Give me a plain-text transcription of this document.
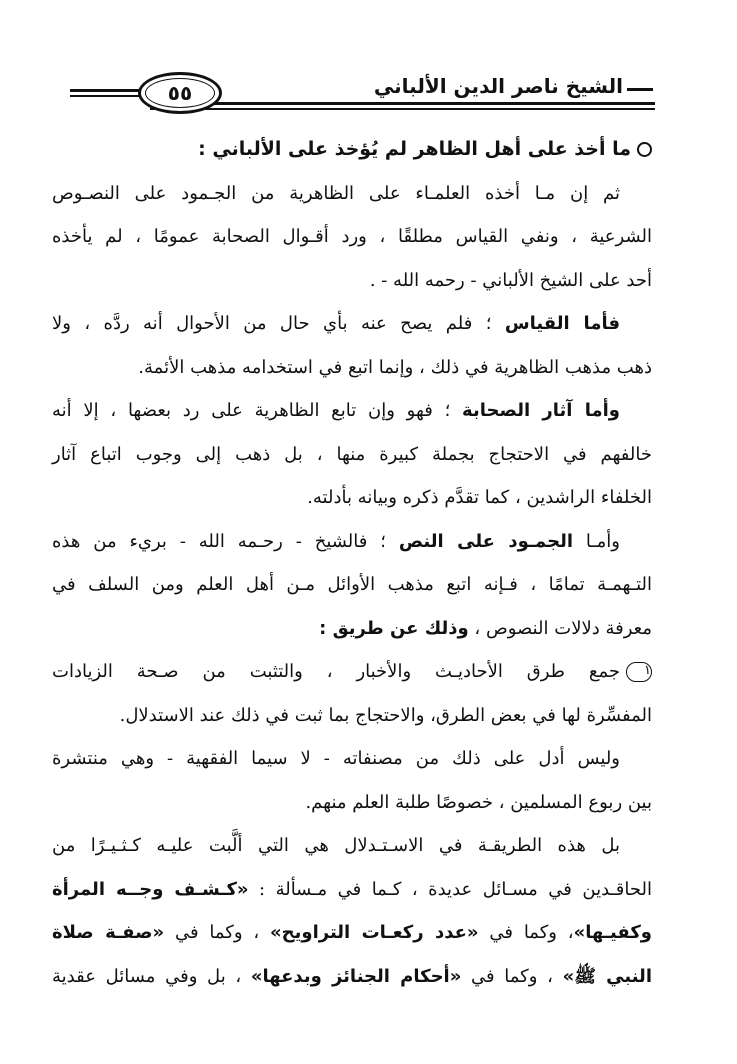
الشيخ ناصر الدين الألباني
٥٥
ما أخذ على أهل الظاهر لم يُؤخذ على الألباني :
ثم إن مـا أخذه العلمـاء على الظاهرية من الجـمود على النصـوص
الشرعية ، ونفي القياس مطلقًا ، ورد أقـوال الصحابة عمومًا ، لم يأخذه
أحد على الشيخ الألباني - رحمه الله - .
فأما القياس ؛ فلم يصح عنه بأي حال من الأحوال أنه ردَّه ، ولا
ذهب مذهب الظاهرية في ذلك ، وإنما اتبع في استخدامه مذهب الأئمة.
وأما آثار الصحابة ؛ فهو وإن تابع الظاهرية على رد بعضها ، إلا أنه
خالفهم في الاحتجاج بجملة كبيرة منها ، بل ذهب إلى وجوب اتباع آثار
الخلفاء الراشدين ، كما تقدَّم ذكره وبيانه بأدلته.
وأمـا الجمـود على النص ؛ فالشيخ - رحـمه الله - بريء من هذه
التـهمـة تمامًا ، فـإنه اتبع مذهب الأوائل مـن أهل العلم ومن السلف في
معرفة دلالات النصوص ، وذلك عن طريق :
١جمع طرق الأحاديـث والأخبار ، والتثبت من صـحة الزيادات
المفسِّرة لها في بعض الطرق، والاحتجاج بما ثبت في ذلك عند الاستدلال.
وليس أدل على ذلك من مصنفاته - لا سيما الفقهية - وهي منتشرة
بين ربوع المسلمين ، خصوصًا طلبة العلم منهم.
بل هذه الطريقـة في الاسـتـدلال هي التي ألَّبت عليـه كـثـيـرًا من
الحاقـدين في مسـائل عديدة ، كـما في مـسألة : «كـشـف وجــه المرأة
وكفيـها»، وكما في «عدد ركعـات التراويح» ، وكما في «صفـة صلاة
النبي ﷺ» ، وكما في «أحكام الجنائز وبدعها» ، بل وفي مسائل عقدية
